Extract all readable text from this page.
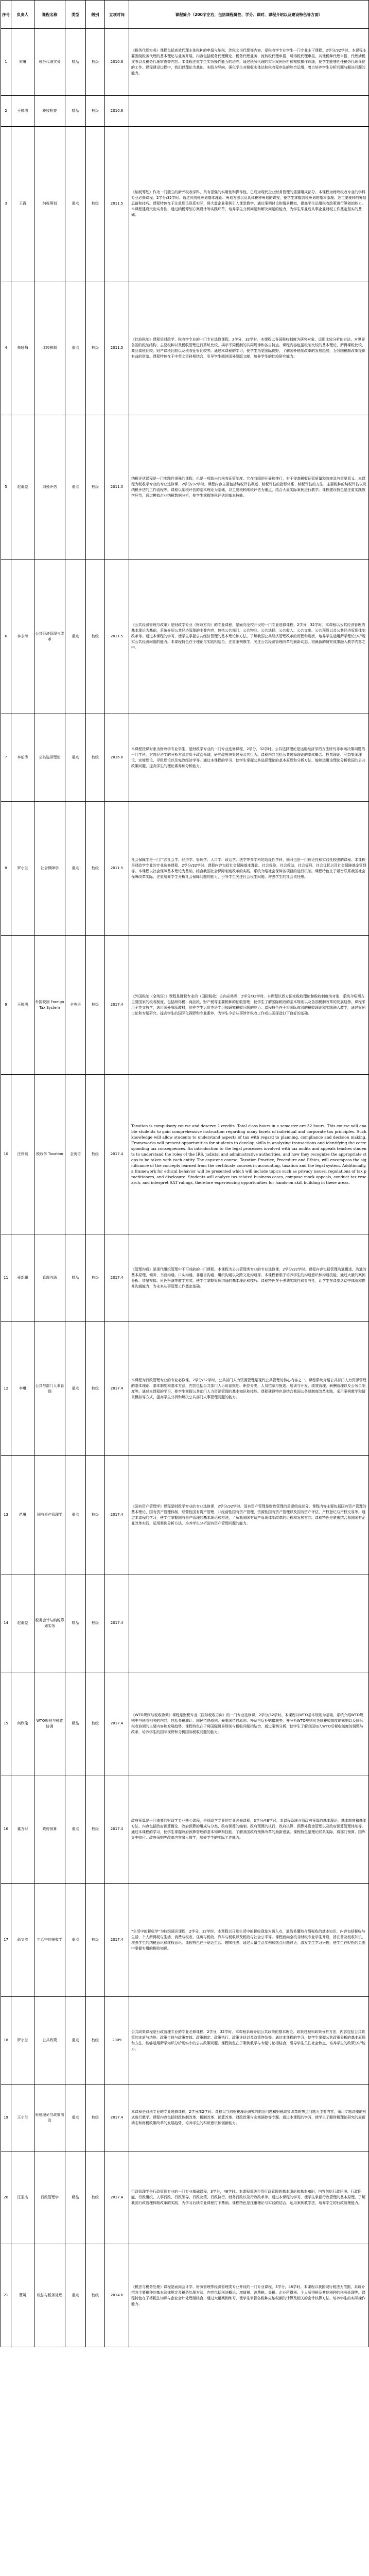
序号	负责人	课程名称	类型	级别	立项时间	课程简介（200字左右，包括课程属性、学分、课时、课程介绍以及建设特色等方面）
1	宋琳	税务代理实务	精品	校级	2010.6	《税务代理实务》课程包括高效代理主体税种的申报与纳税、涉税文书代理等内容，是税收学专业学生一门专业主干课程。2学分/32学时。本课程主要围绕税务代理的基本理论与业务开展，内容包括税务代理概论、税务代理业务、流转税代理申报、所得税代理申报、其他税种代理申报、代理涉税文书以及税务代理审查等内容。本课程注重学生实务操作能力的培养，通过税务代理的实际案例分析和模拟操作训练，使学生能够胜任税务代理岗位的工作。课程建设过程中，我们以理论为基础、实践为导向，强化学生对税收实体法和税收程序法的综合运用，着力培养学生分析问题与解决问题的能力。
2	王锐明	税收检查	精品	校级	2010.6	
3	王霞	纳税筹划	重点	校级	2011.5	《纳税筹划》作为一门独立的新兴税收学科，具有很强的实用性和操作性，已成为现代企业财务管理的重要组成部分。本课程为财政税收专业的学科专业必修课程，2学分/32学时。通过对纳税筹划基本理论、筹划方法以及具体税种筹划的讲授，使学生掌握纳税筹划的基本原理、各主要税种的筹划思路和技巧。课程特色在于注重理论联系实际，将大量企业案例引入课堂教学，通过案例讨论和情景模拟，提高学生运用税收政策进行筹划的能力。本课程建设突出实务性，通过纳税筹划方案设计等实践环节，培养学生分析问题和解决问题的能力，为学生毕业后从事企业财税工作奠定坚实的基础。
4	朱娅梅	比较税制	重点	校级	2011.5	《比较税制》课程是财政学、税收学专业的一门专业选修课程，2学分，32学时。本课程以各国税收制度为研究对象，运用比较分析的方法，对世界各国的税制结构、主要税种以及税收管理进行系统比较，揭示不同税制的共同规律和各自特点。课程内容包括税制比较的基本理论、所得课税比较、商品课税比较、财产课税比较以及税收征管比较等。通过本课程的学习，使学生拓宽国际视野，了解国外税制改革的发展趋势，为我国税制改革提供有益的借鉴。课程特色在于中英文资料相结合，引导学生阅读国外原版文献，培养学生的比较研究能力。
5	赵海益	纳税评估	重点	校级	2011.5	纳税评估课程是一门实践性很强的课程，也是一项新兴的税收征管制度。它在我国的开展和推行，对于提高税收征管质量和效率具有重要意义。本课程为税收学专业的专业选修课，2学分/32学时。课程内容主要包括纳税评估概述、纳税评估的指标体系、纳税评估的方法、主要税种的纳税评估以及纳税评估的工作流程等。课程以纳税评估的基本理论为基础，以主要税种纳税评估为重点，结合大量实际案例进行教学。课程建设特色是注重实践教学环节，通过模拟企业纳税数据分析，使学生掌握纳税评估的基本技能。
6	李永海	公共经济管理与改革	重点	校级	2011.5	《公共经济管理与改革》是财政学专业（财政方向）的专业课程，是面向全校开设的一门专业选修课程，2学分，32学时。本课程以公共经济管理的基本理论为基础，系统介绍公共经济管理的主要内容，包括公共部门、公共物品、公共选择、公共收入、公共支出、公共预算以及公共经济管理体制改革等。通过本课程的学习，使学生掌握公共经济管理的基本理论和方法，了解我国公共经济管理改革的历程和现状，培养学生运用所学理论分析现实公共经济问题的能力。本课程特色在于理论与实践相结合，注重案例教学，关注公共经济管理改革的最新动态，将最新的研究成果融入教学内容之中。
7	李伯涛	公共选择理论	重点	校级	2016.6	本课程授课对象为财政学专业学生，是财政学专业的一门专业选修课程，2学分，32学时。公共选择理论是运用经济学的方法研究非市场决策问题的一门学科，它将经济学的分析方法应用于政治领域，研究政府决策过程及其行为。课程内容包括公共选择理论的基本概念、投票理论、利益集团理论、官僚理论、寻租理论以及宪政经济学等。通过本课程的学习，使学生掌握公共选择理论的基本原理和分析方法，能够运用该理论分析我国的公共政策问题，提高学生的理论素养和分析能力。
8	罗小兰	社会保障学	重点	校级	2011.5	社会保障学是一门广涉社会学、经济学、管理学、人口学、政治学、法学等多学科的边缘性学科，同时也是一门理论性和实践性较强的课程。本课程是财政学专业的专业选修课程，2学分/32学时。课程内容包括社会保障基本理论、社会保险、社会救助、社会福利、社会优抚以及社会保障基金管理等。本课程以社会保障基本理论为基础，结合我国社会保障制度改革的实践，系统介绍社会保障各项目的运行机制。课程特色在于紧密联系我国社会保障改革实际，注重培养学生分析社会保障问题的能力，引导学生关注社会民生问题，增强学生的社会责任感。
9	王锐明	外国税制 Foreign Tax System	全英语	校级	2017.4	《外国税制（全英语）》课程是财税专业的（国际税收）方向必修课，2学分/32学时。本课程以西方国家税收理论和税收制度为对象，系统介绍西方主要国家的税收制度，包括所得税、商品税、财产税等主要税种的征收管理，使学生了解国际税收的基本规则以及各国税制改革的发展趋势。课程采用全英文教学，选用国外原版教材，培养学生运用英语学习和研究税收问题的能力。课程特色在于将国际前沿的税收理论和实践融入教学，通过案例讨论和专题研究，提高学生的国际化视野和专业素养，为学生今后从事涉外税收工作或出国深造打下良好的基础。
10	汪利锬	税收学 Taxation	全英语	校级	2017.4	Taxation is compulsory course and deserve 2 credits. Total class hours in a semester are 32 hours. This course will enable students to gain comprehensive instruction regarding many facets of individual and corporate tax principles. Such knowledge will allow students to understand aspects of tax with regard to planning, compliance and decision making. Frameworks will present opportunities for students to develop skills in analyzing transactions and identifying the corresponding tax consequences. An introduction to the legal processes involved with tax audits and appeals teaches students to understand the roles of the IRS, judicial and administrative authorities, and how they recognize the appropriate steps to be taken with each entity. The capstone course, Taxation Practice, Procedure and Ethics, will encompass the significance of the concepts learned from the certificate courses in accounting, taxation and the legal system. Additionally, a framework for ethical behavior will be presented which will include topics such as privacy issues, regulations of tax practitioners, and disclosure. Students will analyze tax-related business cases, compose mock appeals, conduct tax research, and interpret SAT rulings, therefore experiencing opportunities for hands-on skill building in these areas.
11	张新骥	管理沟通	精品	校级	2017.4	《管理沟通》是现代组织管理中不可或缺的一门课程。本课程为公共管理类专业的专业选修课，2学分/32学时。课程内容包括管理沟通概述、沟通的基本原理、倾听、书面沟通、口头沟通、非语言沟通、组织沟通以及跨文化沟通等。本课程着眼于培养学生的沟通意识和沟通技能，通过大量的案例分析、情景模拟、角色扮演等教学方式，使学生掌握管理沟通的基本理论和技巧。课程特色在于强调实践性和参与性，让学生在课堂活动中体验和提升沟通能力，为未来从事管理工作奠定基础。
12	李琳	公共与部门人事管理	重点	校级	2017.4	本课程为行政管理专业的专业必修课，2学分/32学时。公共部门人力资源管理是现代公共管理的核心内容之一。课程系统介绍公共部门人力资源管理的基本理论、基本制度和基本方法，内容包括公共部门人力资源规划、职位分类、人员招募与甄选、培训与开发、绩效管理、薪酬管理以及公务员制度等。通过本课程的学习，使学生掌握公共部门人力资源管理的基本知识和技能。课程建设特色是结合我国公务员制度改革实践，采用案例教学和情景模拟等方式，提高学生分析和解决公共部门人事管理问题的能力。
13	范琳	国有资产管理学	重点	校级	2017.4	《国有资产管理学》课程是财政学专业的专业选修课，2学分/32学时。国有资产管理是财政管理的重要组成部分。课程内容主要包括国有资产管理的基本理论、国有资产管理体制、经营性国有资产管理、非经营性国有资产管理、资源性国有资产管理以及国有资产评估、产权登记与产权交易等。通过本课程的学习，使学生掌握国有资产管理的基本理论和方法，了解我国国有资产管理体制改革的历程和发展方向。课程特色是紧密结合我国国有企业改革实践，运用案例分析方法，培养学生分析国有资产管理问题的能力。
14	赵海益	税务会计与纳税筹划实务	精品	校级	2017.4	
15	何欣瑜	WTO规则与税收协调	精品	校级	2017.4	《WTO规则与税收协调》课程是财税专业（国际税收方向）的一门专业选修课，2学分/32学时。本课程以WTO基本规则为基础，系统介绍WTO规则中与税收相关的内容，包括关税减让、国民待遇原则、最惠国待遇原则、补贴与反补贴措施等，并分析WTO规则对各国税收制度的影响以及国际税收协调的主要内容和发展趋势。课程特色在于将国际贸易规则与税收问题相结合，通过案例分析，使学生了解我国加入WTO后税收制度的调整与改革，培养学生的国际视野和分析国际税收问题的能力。
16	董万财	政府预算	重点	校级	2017.4	政府预算是一门重要的财政学专业核心课程，是财政学专业的专业必修课程，3学分/48学时。本课程系统介绍政府预算的基本理论、基本制度和基本方法，内容包括政府预算概论、政府预算的组成与分类、政府预算的编制、政府预算的执行、政府决算、预算外资金管理以及政府预算管理体制等。通过本课程的学习，使学生掌握政府预算管理的基本知识和技能，了解我国政府预算改革的最新进展。课程特色是理论联系实际，将部门预算、国库集中收付、政府采购等改革内容融入教学，培养学生的实际工作能力。
17	俞文杰	生活中的税收学	重点	校级	2017.4	“生活中的税收学”为校级通识课程，2学分，32学时。本课程以日常生活中的税收现象为切入点，通俗易懂地介绍税收的基本知识，内容包括税收与生活、个人所得税与生活、消费与税收、住房与税收、汽车与税收以及税收与社会公平等。课程面向全校非财税专业学生开设，旨在普及税收知识，增强学生的纳税意识和维权意识。课程特色在于贴近生活、趣味性强，通过大量生活实例和热点问题讨论，激发学生学习兴趣，使学生在轻松的氛围中掌握实用的税收知识。
18	罗小兰	公共政策	重点	校级	2009	公共政策课程是行政管理专业的专业必修课程，2学分，32学时。本课程系统介绍公共政策的基本理论、政策过程和政策分析方法，内容包括公共政策的本质与功能、政策主体与政策客体、政策制定、政策执行、政策评估以及政策终结等。通过本课程的学习，使学生掌握公共政策分析的基本原理和方法，能够运用所学知识分析现实中的公共政策问题。课程特色在于案例教学与专题讨论相结合，引导学生关注社会热点，培养学生的政策分析能力。
19	王小兰	财税理论与政策前沿	重点	校级	2017.4	本课程是财税专业的专业选修课程，2学分/32学时。课程以当前财税理论研究的前沿问题和财税政策改革的热点问题为主要内容，采用专题讲座的形式进行教学。课程内容包括财政体制改革、税制改革、预算改革、财政政策与宏观调控等专题。通过本课程的学习，使学生了解财税理论研究的最新动态和财税政策改革的发展趋势，培养学生的科研意识和创新能力。
20	汪亚杰	行政管理学	精品	校级	2017.4	行政管理学是行政管理专业的一门专业基础课程，3学分，48学时。本课程系统介绍行政管理的基本理论和基本知识，内容包括行政环境、行政职能、行政组织、人事行政、行政领导、行政决策、行政执行、财务行政以及行政改革等。通过本课程的学习，使学生掌握行政管理的基本原理，了解我国行政管理体制改革的实践，为学习后续专业课程打下基础。课程特色是注重理论与实践的结合，运用案例教学法，培养学生的行政管理能力。
21	曹媛	税法与税务处理	重点	校级	2014.6	《税法与税务处理》课程是面向会计学、财务管理等经济管理类专业开设的一门专业课程，3学分，48学时。本课程以我国现行税法为依据，系统介绍各主要税种的基本法律规定及税务处理方法，内容包括税法概论、增值税、消费税、关税、企业所得税、个人所得税及其他税种的税务处理等。课程特色在于将税法知识与企业会计处理相结合，通过大量案例练习，使学生掌握各税种应纳税额的计算及相关的会计核算方法，培养学生的实际操作能力。
